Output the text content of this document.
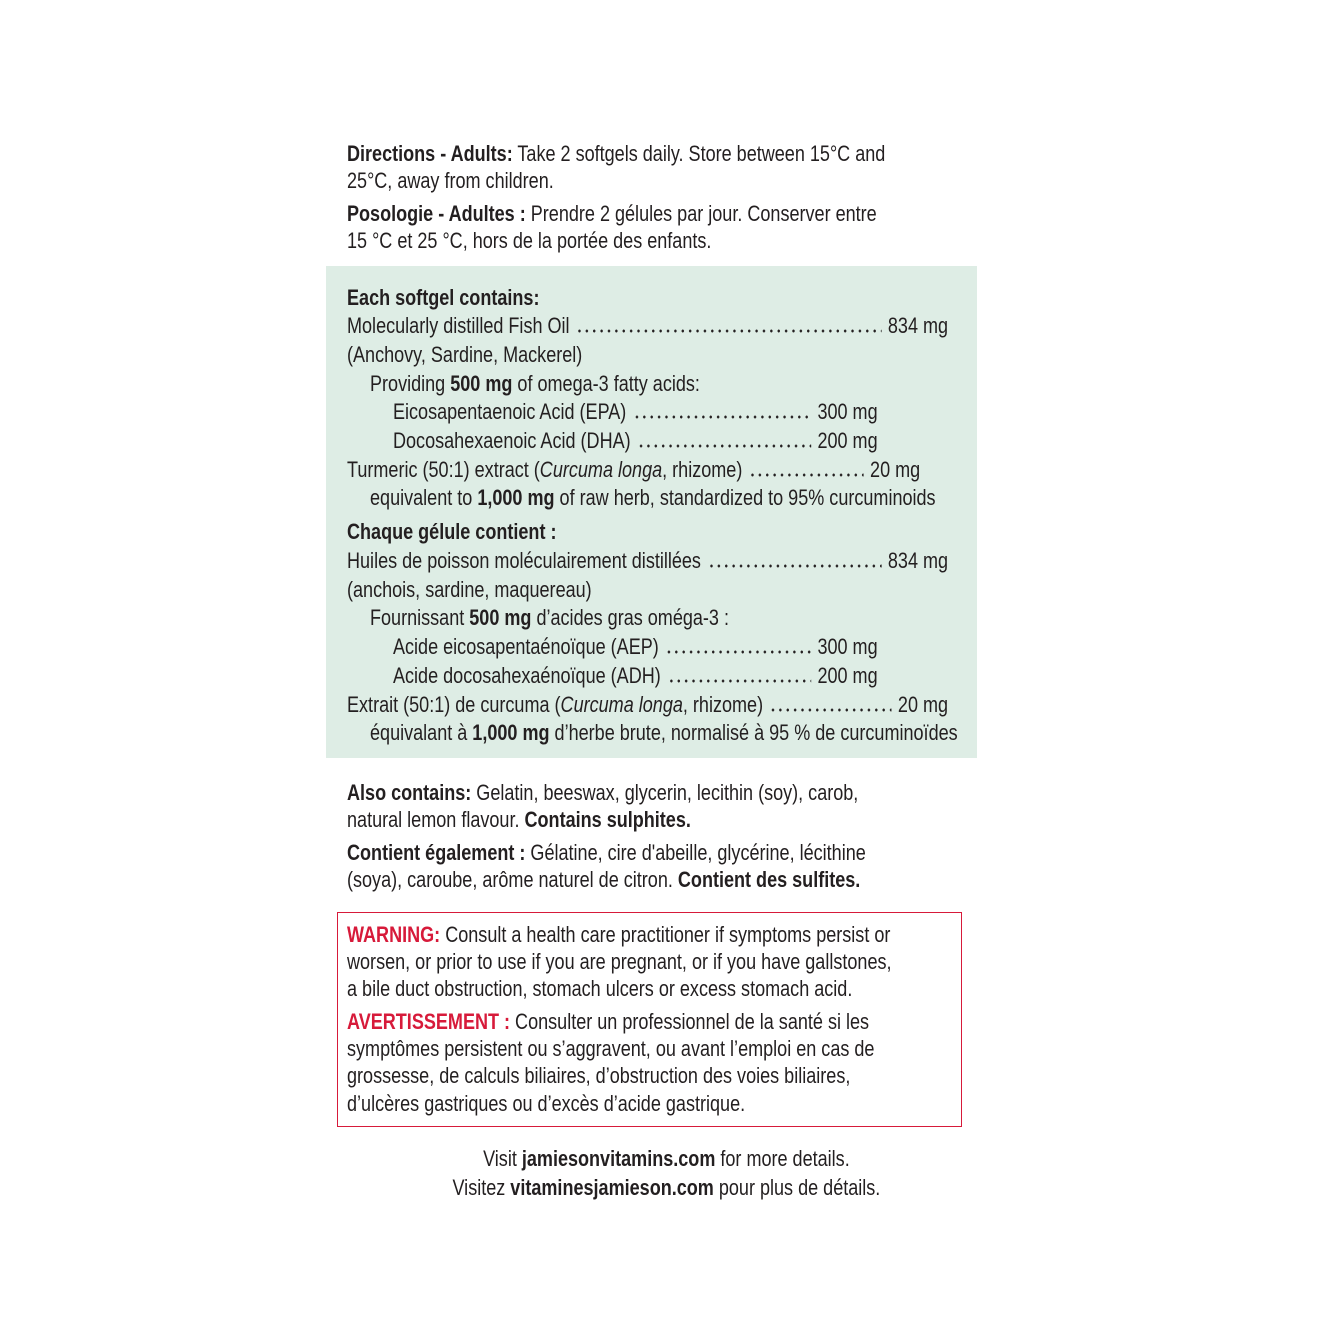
Directions - Adults: Take 2 softgels daily. Store between 15°C and
25°C, away from children.
Posologie - Adultes : Prendre 2 gélules par jour. Conserver entre
15 °C et 25 °C, hors de la portée des enfants.
Each softgel contains:
Molecularly distilled Fish Oil	834 mg
(Anchovy, Sardine, Mackerel)
Providing 500 mg of omega-3 fatty acids:
Eicosapentaenoic Acid (EPA)	300 mg
Docosahexaenoic Acid (DHA)	200 mg
Turmeric (50:1) extract (Curcuma longa, rhizome)	20 mg
equivalent to 1,000 mg of raw herb, standardized to 95% curcuminoids
Chaque gélule contient :
Huiles de poisson moléculairement distillées	834 mg
(anchois, sardine, maquereau)
Fournissant 500 mg d’acides gras oméga-3 :
Acide eicosapentaénoïque (AEP)	300 mg
Acide docosahexaénoïque (ADH)	200 mg
Extrait (50:1) de curcuma (Curcuma longa, rhizome)	20 mg
équivalant à 1,000 mg d’herbe brute, normalisé à 95 % de curcuminoïdes
Also contains: Gelatin, beeswax, glycerin, lecithin (soy), carob,
natural lemon flavour. Contains sulphites.
Contient également : Gélatine, cire d'abeille, glycérine, lécithine
(soya), caroube, arôme naturel de citron. Contient des sulfites.
WARNING: Consult a health care practitioner if symptoms persist or
worsen, or prior to use if you are pregnant, or if you have gallstones,
a bile duct obstruction, stomach ulcers or excess stomach acid.
AVERTISSEMENT : Consulter un professionnel de la santé si les
symptômes persistent ou s’aggravent, ou avant l’emploi en cas de
grossesse, de calculs biliaires, d’obstruction des voies biliaires,
d’ulcères gastriques ou d’excès d’acide gastrique.
Visit jamiesonvitamins.com for more details.
Visitez vitaminesjamieson.com pour plus de détails.
